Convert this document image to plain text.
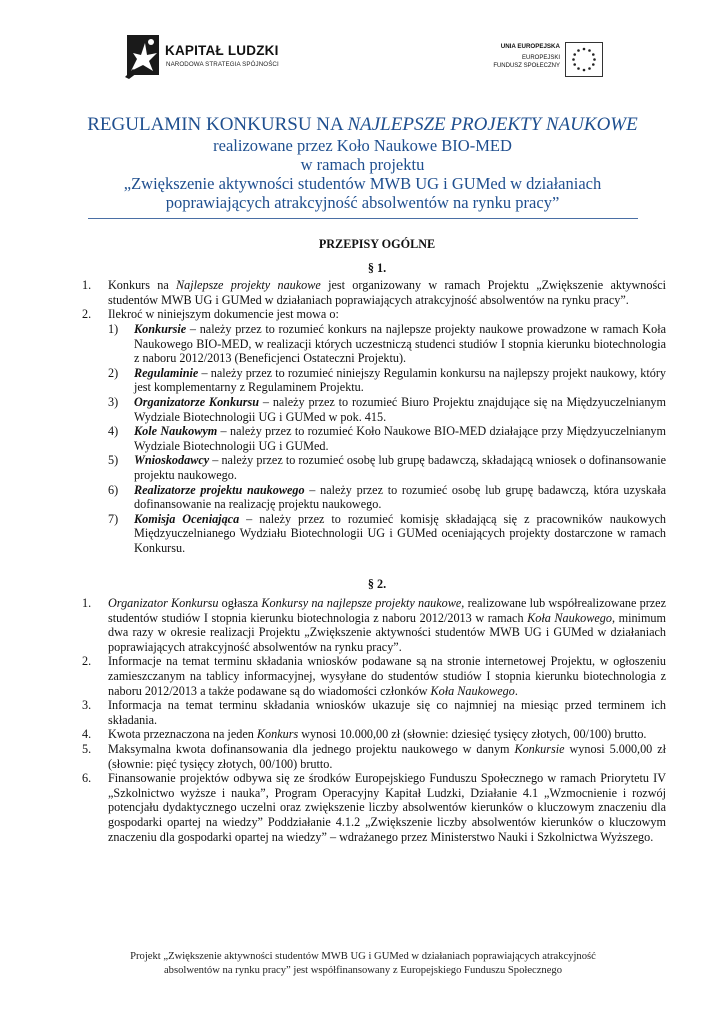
KAPITAŁ LUDZKI
NARODOWA STRATEGIA SPÓJNOŚCI
UNIA EUROPEJSKA
EUROPEJSKI
FUNDUSZ SPOŁECZNY
REGULAMIN KONKURSU NA NAJLEPSZE PROJEKTY NAUKOWE
realizowane przez Koło Naukowe BIO-MED
w ramach projektu
„Zwiększenie aktywności studentów MWB UG i GUMed w działaniach
poprawiających atrakcyjność absolwentów na rynku pracy”

PRZEPISY OGÓLNE

§ 1.

1. Konkurs na Najlepsze projekty naukowe jest organizowany w ramach Projektu „Zwiększenie aktywności studentów MWB UG i GUMed w działaniach poprawiających atrakcyjność absolwentów na rynku pracy”.
2. Ilekroć w niniejszym dokumencie jest mowa o:
1) Konkursie – należy przez to rozumieć konkurs na najlepsze projekty naukowe prowadzone w ramach Koła Naukowego BIO-MED, w realizacji których uczestniczą studenci studiów I stopnia kierunku biotechnologia z naboru 2012/2013 (Beneficjenci Ostateczni Projektu).
2) Regulaminie – należy przez to rozumieć niniejszy Regulamin konkursu na najlepszy projekt naukowy, który jest komplementarny z Regulaminem Projektu.
3) Organizatorze Konkursu – należy przez to rozumieć Biuro Projektu znajdujące się na Międzyuczelnianym Wydziale Biotechnologii UG i GUMed w pok. 415.
4) Kole Naukowym – należy przez to rozumieć Koło Naukowe BIO-MED działające przy Międzyuczelnianym Wydziale Biotechnologii UG i GUMed.
5) Wnioskodawcy – należy przez to rozumieć osobę lub grupę badawczą, składającą wniosek o dofinansowanie projektu naukowego.
6) Realizatorze projektu naukowego – należy przez to rozumieć osobę lub grupę badawczą, która uzyskała dofinansowanie na realizację projektu naukowego.
7) Komisja Oceniająca – należy przez to rozumieć komisję składającą się z pracowników naukowych Międzyuczelnianego Wydziału Biotechnologii UG i GUMed oceniających projekty dostarczone w ramach Konkursu.

§ 2.

1. Organizator Konkursu ogłasza Konkursy na najlepsze projekty naukowe, realizowane lub współrealizowane przez studentów studiów I stopnia kierunku biotechnologia z naboru 2012/2013 w ramach Koła Naukowego, minimum dwa razy w okresie realizacji Projektu „Zwiększenie aktywności studentów MWB UG i GUMed w działaniach poprawiających atrakcyjność absolwentów na rynku pracy”.
2. Informacje na temat terminu składania wniosków podawane są na stronie internetowej Projektu, w ogłoszeniu zamieszczanym na tablicy informacyjnej, wysyłane do studentów studiów I stopnia kierunku biotechnologia z naboru 2012/2013 a także podawane są do wiadomości członków Koła Naukowego.
3. Informacja na temat terminu składania wniosków ukazuje się co najmniej na miesiąc przed terminem ich składania.
4. Kwota przeznaczona na jeden Konkurs wynosi 10.000,00 zł (słownie: dziesięć tysięcy złotych, 00/100) brutto.
5. Maksymalna kwota dofinansowania dla jednego projektu naukowego w danym Konkursie wynosi 5.000,00 zł (słownie: pięć tysięcy złotych, 00/100) brutto.
6. Finansowanie projektów odbywa się ze środków Europejskiego Funduszu Społecznego w ramach Priorytetu IV „Szkolnictwo wyższe i nauka”, Program Operacyjny Kapitał Ludzki, Działanie 4.1 „Wzmocnienie i rozwój potencjału dydaktycznego uczelni oraz zwiększenie liczby absolwentów kierunków o kluczowym znaczeniu dla gospodarki opartej na wiedzy” Poddziałanie 4.1.2 „Zwiększenie liczby absolwentów kierunków o kluczowym znaczeniu dla gospodarki opartej na wiedzy” – wdrażanego przez Ministerstwo Nauki i Szkolnictwa Wyższego.
Projekt „Zwiększenie aktywności studentów MWB UG i GUMed w działaniach poprawiających atrakcyjność
absolwentów na rynku pracy” jest współfinansowany z Europejskiego Funduszu Społecznego
